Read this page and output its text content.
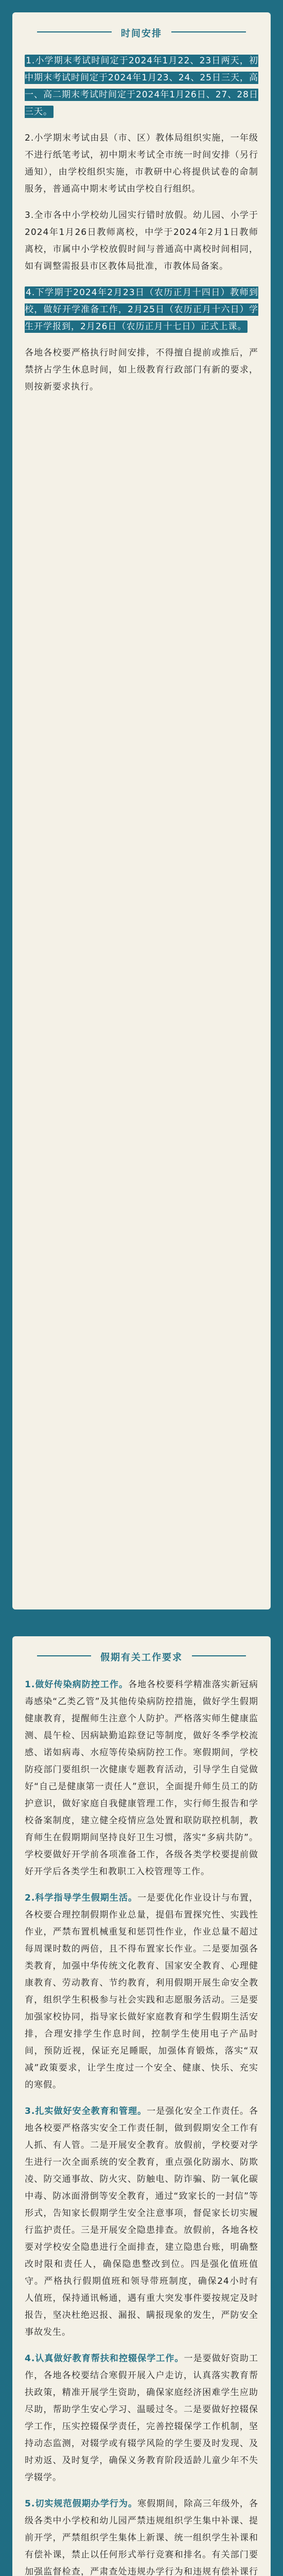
时间安排

1.小学期末考试时间定于2024年1月22、23日两天，初中期末考试时间定于2024年1月23、24、25日三天，高一、高二期末考试时间定于2024年1月26日、27、28日三天。

2.小学期末考试由县（市、区）教体局组织实施，一年级不进行纸笔考试，初中期末考试全市统一时间安排（另行通知），由学校组织实施，市教研中心将提供试卷的命制服务，普通高中期末考试由学校自行组织。

3.全市各中小学校幼儿园实行错时放假。幼儿园、小学于2024年1月26日教师离校，中学于2024年2月1日教师离校，市属中小学校放假时间与普通高中离校时间相同，如有调整需报县市区教体局批准，市教体局备案。

4.下学期于2024年2月23日（农历正月十四日）教师到校，做好开学准备工作，2月25日（农历正月十六日）学生开学报到，2月26日（农历正月十七日）正式上课。

各地各校要严格执行时间安排，不得擅自提前或推后，严禁挤占学生休息时间，如上级教育行政部门有新的要求，则按新要求执行。

假期有关工作要求

1.做好传染病防控工作。各地各校要科学精准落实新冠病毒感染“乙类乙管”及其他传染病防控措施，做好学生假期健康教育，提醒师生注意个人防护。严格落实师生健康监测、晨午检、因病缺勤追踪登记等制度，做好冬季学校流感、诺如病毒、水痘等传染病防控工作。寒假期间，学校防疫部门要组织一次健康专题教育活动，引导学生自觉做好“自己是健康第一责任人”意识，全面提升师生员工的防护意识，做好家庭自我健康管理工作，实行师生报告和学校备案制度，建立健全疫情应急处置和联防联控机制，教育师生在假期期间坚持良好卫生习惯，落实“多病共防”。学校要做好开学前各项准备工作，各级各类学校要提前做好开学后各类学生和教职工入校管理等工作。

2.科学指导学生假期生活。一是要优化作业设计与布置，各校要合理控制假期作业总量，提倡布置探究性、实践性作业，严禁布置机械重复和惩罚性作业，作业总量不超过每周课时数的两倍，且不得布置家长作业。二是要加强各类教育，加强中华传统文化教育、国家安全教育、心理健康教育、劳动教育、节约教育，利用假期开展生命安全教育，组织学生积极参与社会实践和志愿服务活动。三是要加强家校协同，指导家长做好家庭教育和学生假期生活安排，合理安排学生作息时间，控制学生使用电子产品时间，预防近视，保证充足睡眠，加强体育锻炼，落实“双减”政策要求，让学生度过一个安全、健康、快乐、充实的寒假。

3.扎实做好安全教育和管理。一是强化安全工作责任。各地各校要严格落实安全工作责任制，做到假期安全工作有人抓、有人管。二是开展安全教育。放假前，学校要对学生进行一次全面系统的安全教育，重点强化防溺水、防欺凌、防交通事故、防火灾、防触电、防诈骗、防一氧化碳中毒、防冰面滑倒等安全教育，通过“致家长的一封信”等形式，告知家长假期学生安全注意事项，督促家长切实履行监护责任。三是开展安全隐患排查。放假前，各地各校要对学校安全隐患进行全面排查，建立隐患台账，明确整改时限和责任人，确保隐患整改到位。四是强化值班值守。严格执行假期值班和领导带班制度，确保24小时有人值班，保持通讯畅通，遇有重大突发事件要按规定及时报告，坚决杜绝迟报、漏报、瞒报现象的发生，严防安全事故发生。

4.认真做好教育帮扶和控辍保学工作。一是要做好资助工作，各地各校要结合寒假开展入户走访，认真落实教育帮扶政策，精准开展学生资助，确保家庭经济困难学生应助尽助，帮助学生安心学习、温暖过冬。二是要做好控辍保学工作，压实控辍保学责任，完善控辍保学工作机制，坚持动态监测，对辍学或有辍学风险的学生要及时发现、及时劝返、及时复学，确保义务教育阶段适龄儿童少年不失学辍学。

5.切实规范假期办学行为。寒假期间，除高三年级外，各级各类中小学校和幼儿园严禁违规组织学生集中补课、提前开学，严禁组织学生集体上新课、统一组织学生补课和有偿补课，禁止以任何形式举行竞赛和排名。有关部门要加强监督检查，严肃查处违规办学行为和违规有偿补课行
